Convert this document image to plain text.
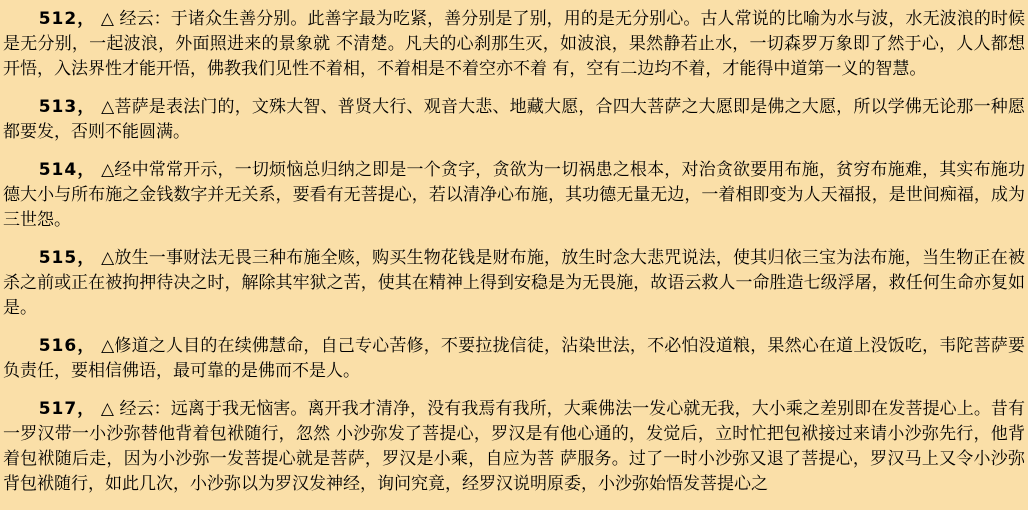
512， △ 经云：于诸众生善分别。此善字最为吃紧，善分别是了别，用的是无分别心。古人常说的比喻为水与波，水无波浪的时候是无分别，一起波浪，外面照进来的景象就 不清楚。凡夫的心刹那生灭，如波浪，果然静若止水，一切森罗万象即了然于心，人人都想开悟，入法界性才能开悟，佛教我们见性不着相，不着相是不着空亦不着 有，空有二边均不着，才能得中道第一义的智慧。

513， △菩萨是表法门的，文殊大智、普贤大行、观音大悲、地藏大愿，合四大菩萨之大愿即是佛之大愿，所以学佛无论那一种愿都要发，否则不能圆满。

514， △经中常常开示，一切烦恼总归纳之即是一个贪字，贪欲为一切祸患之根本，对治贪欲要用布施，贫穷布施难，其实布施功德大小与所布施之金钱数字并无关系，要看有无菩提心，若以清净心布施，其功德无量无边，一着相即变为人天福报，是世间痴福，成为三世怨。

515， △放生一事财法无畏三种布施全赅，购买生物花钱是财布施，放生时念大悲咒说法，使其归依三宝为法布施，当生物正在被杀之前或正在被拘押待决之时，解除其牢狱之苦，使其在精神上得到安稳是为无畏施，故语云救人一命胜造七级浮屠，救任何生命亦复如是。

516， △修道之人目的在续佛慧命，自己专心苦修，不要拉拢信徒，沾染世法，不必怕没道粮，果然心在道上没饭吃，韦陀菩萨要负责任，要相信佛语，最可靠的是佛而不是人。

517， △ 经云：远离于我无恼害。离开我才清净，没有我焉有我所，大乘佛法一发心就无我，大小乘之差别即在发菩提心上。昔有一罗汉带一小沙弥替他背着包袱随行，忽然 小沙弥发了菩提心，罗汉是有他心通的，发觉后，立时忙把包袱接过来请小沙弥先行，他背着包袱随后走，因为小沙弥一发菩提心就是菩萨，罗汉是小乘，自应为菩 萨服务。过了一时小沙弥又退了菩提心，罗汉马上又令小沙弥背包袱随行，如此几次，小沙弥以为罗汉发神经，询问究竟，经罗汉说明原委，小沙弥始悟发菩提心之
